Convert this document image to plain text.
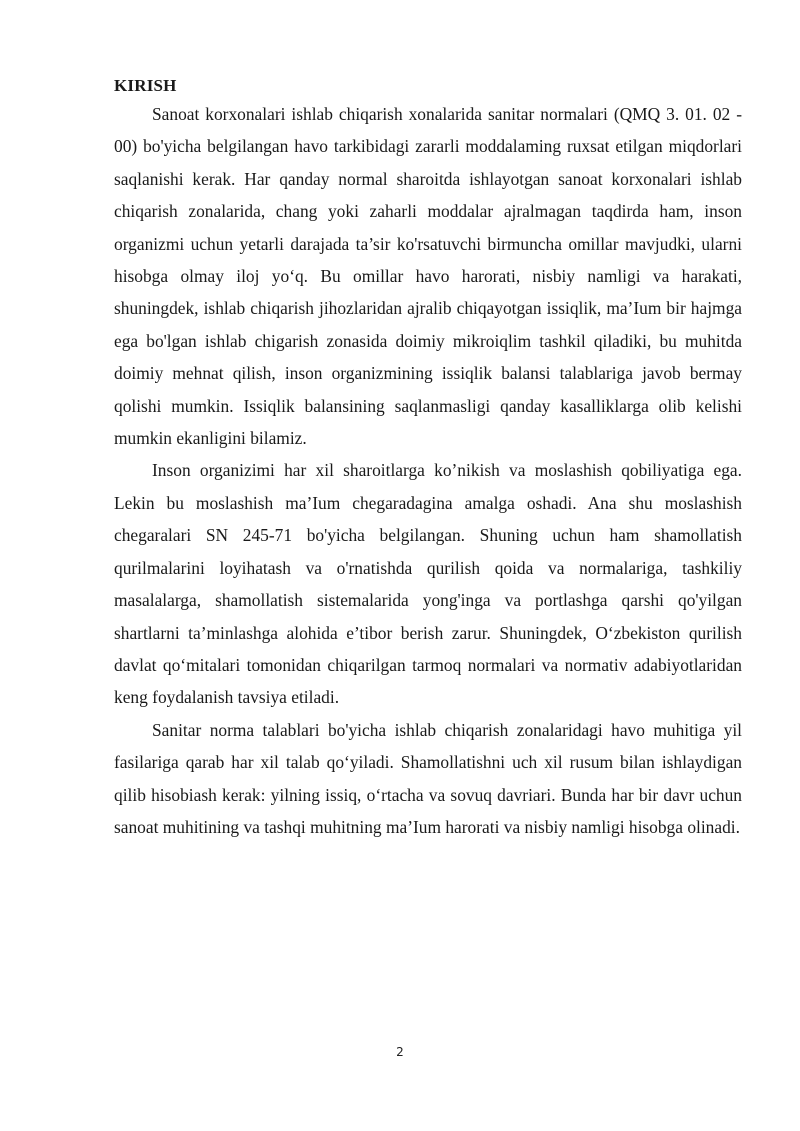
KIRISH

Sanoat korxonalari ishlab chiqarish xonalarida sanitar normalari (QMQ 3. 01. 02 - 00) bo'yicha belgilangan havo tarkibidagi zararli moddalaming ruxsat etilgan miqdorlari saqlanishi kerak. Har qanday normal sharoitda ishlayotgan sanoat korxonalari ishlab chiqarish zonalarida, chang yoki zaharli moddalar ajralmagan taqdirda ham, inson organizmi uchun yetarli darajada ta’sir ko'rsatuvchi birmuncha omillar mavjudki, ularni hisobga olmay iloj yo‘q. Bu omillar havo harorati, nisbiy namligi va harakati, shuningdek, ishlab chiqarish jihozlaridan ajralib chiqayotgan issiqlik, ma’Ium bir hajmga ega bo'lgan ishlab chigarish zonasida doimiy mikroiqlim tashkil qiladiki, bu muhitda doimiy mehnat qilish, inson organizmining issiqlik balansi talablariga javob bermay qolishi mumkin. Issiqlik balansining saqlanmasligi qanday kasalliklarga olib kelishi mumkin ekanligini bilamiz.

Inson organizimi har xil sharoitlarga ko’nikish va moslashish qobiliyatiga ega. Lekin bu moslashish ma’Ium chegaradagina amalga oshadi. Ana shu moslashish chegaralari SN 245-71 bo'yicha belgilangan. Shuning uchun ham shamollatish qurilmalarini loyihatash va o'rnatishda qurilish qoida va normalariga, tashkiliy masalalarga, shamollatish sistemalarida yong'inga va portlashga qarshi qo'yilgan shartlarni ta’minlashga alohida e’tibor berish zarur. Shuningdek, O‘zbekiston qurilish davlat qo‘mitalari tomonidan chiqarilgan tarmoq normalari va normativ adabiyotlaridan keng foydalanish tavsiya etiladi.

Sanitar norma talablari bo'yicha ishlab chiqarish zonalaridagi havo muhitiga yil fasilariga qarab har xil talab qo‘yiladi. Shamollatishni uch xil rusum bilan ishlaydigan qilib hisobiash kerak: yilning issiq, o‘rtacha va sovuq davriari. Bunda har bir davr uchun sanoat muhitining va tashqi muhitning ma’Ium harorati va nisbiy namligi hisobga olinadi.

2
